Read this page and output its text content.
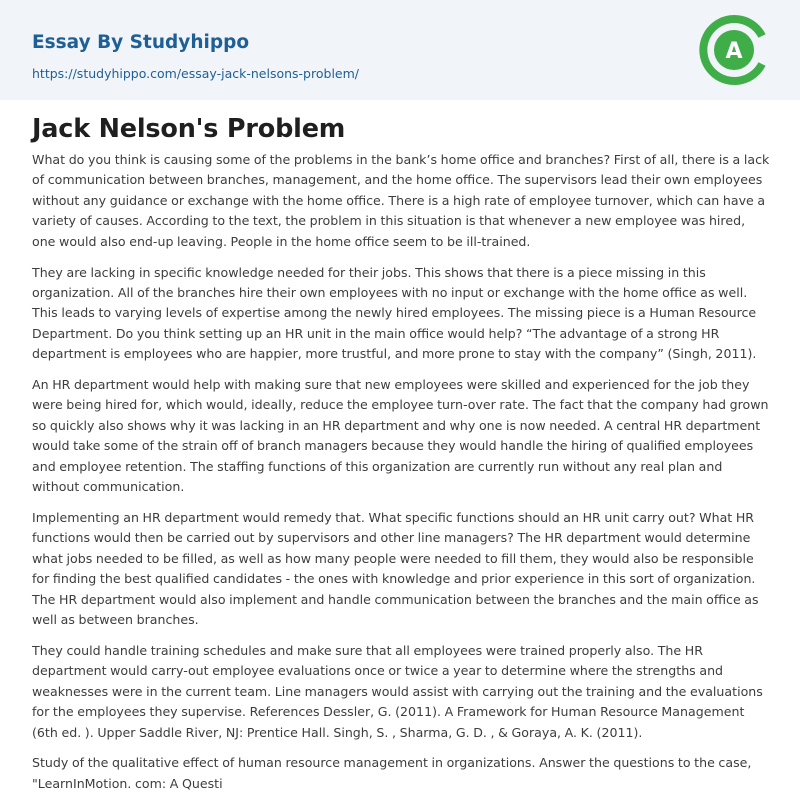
Essay By Studyhippo
https://studyhippo.com/essay-jack-nelsons-problem/
A
Jack Nelson's Problem

What do you think is causing some of the problems in the bank’s home office and branches? First of all, there is a lack of communication between branches, management, and the home office. The supervisors lead their own employees without any guidance or exchange with the home office. There is a high rate of employee turnover, which can have a variety of causes. According to the text, the problem in this situation is that whenever a new employee was hired, one would also end-up leaving. People in the home office seem to be ill-trained.

They are lacking in specific knowledge needed for their jobs. This shows that there is a piece missing in this organization. All of the branches hire their own employees with no input or exchange with the home office as well. This leads to varying levels of expertise among the newly hired employees. The missing piece is a Human Resource Department. Do you think setting up an HR unit in the main office would help? “The advantage of a strong HR department is employees who are happier, more trustful, and more prone to stay with the company” (Singh, 2011).

An HR department would help with making sure that new employees were skilled and experienced for the job they were being hired for, which would, ideally, reduce the employee turn-over rate. The fact that the company had grown so quickly also shows why it was lacking in an HR department and why one is now needed. A central HR department would take some of the strain off of branch managers because they would handle the hiring of qualified employees and employee retention. The staffing functions of this organization are currently run without any real plan and without communication.

Implementing an HR department would remedy that. What specific functions should an HR unit carry out? What HR functions would then be carried out by supervisors and other line managers? The HR department would determine what jobs needed to be filled, as well as how many people were needed to fill them, they would also be responsible for finding the best qualified candidates - the ones with knowledge and prior experience in this sort of organization. The HR department would also implement and handle communication between the branches and the main office as well as between branches.

They could handle training schedules and make sure that all employees were trained properly also. The HR department would carry-out employee evaluations once or twice a year to determine where the strengths and weaknesses were in the current team. Line managers would assist with carrying out the training and the evaluations for the employees they supervise. References Dessler, G. (2011). A Framework for Human Resource Management (6th ed. ). Upper Saddle River, NJ: Prentice Hall. Singh, S. , Sharma, G. D. , & Goraya, A. K. (2011).

Study of the qualitative effect of human resource management in organizations. Answer the questions to the case, "LearnInMotion. com: A Questi
